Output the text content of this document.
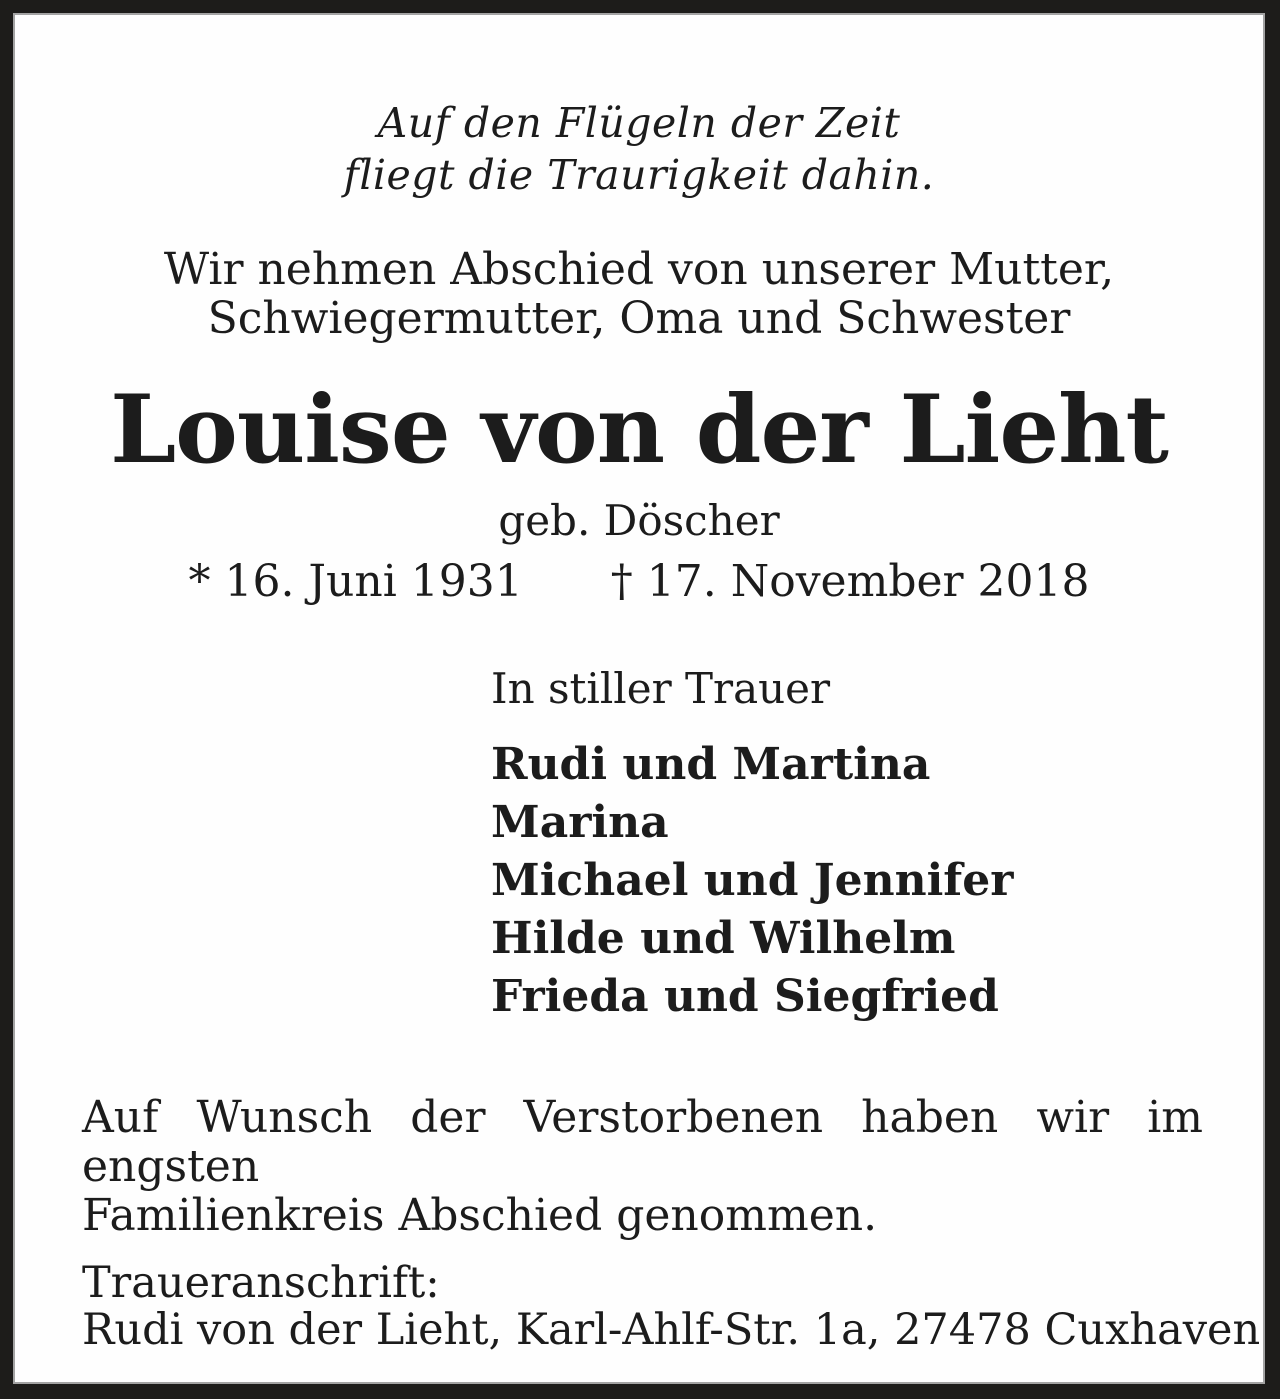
Auf den Flügeln der Zeit
fliegt die Traurigkeit dahin.
Wir nehmen Abschied von unserer Mutter,
Schwiegermutter, Oma und Schwester
Louise von der Lieht
geb. Döscher
* 16. Juni 1931 † 17. November 2018
In stiller Trauer
Rudi und Martina
Marina
Michael und Jennifer
Hilde und Wilhelm
Frieda und Siegfried
Auf Wunsch der Verstorbenen haben wir im engsten
Familienkreis Abschied genommen.
Traueranschrift:
Rudi von der Lieht, Karl-Ahlf-Str. 1a, 27478 Cuxhaven
